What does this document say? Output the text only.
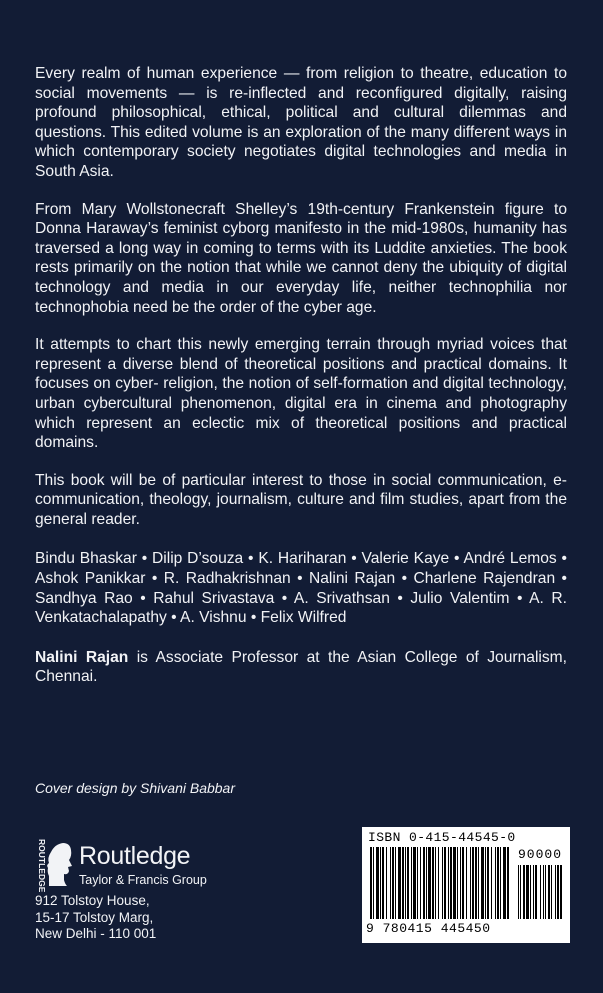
Every realm of human experience — from religion to theatre, education to social movements — is re-inflected and reconfigured digitally, raising profound philosophical, ethical, political and cultural dilemmas and questions. This edited volume is an exploration of the many different ways in which contemporary society negotiates digital technologies and media in South Asia.

From Mary Wollstonecraft Shelley’s 19th-century Frankenstein figure to Donna Haraway’s feminist cyborg manifesto in the mid-1980s, humanity has traversed a long way in coming to terms with its Luddite anxieties. The book rests primarily on the notion that while we cannot deny the ubiquity of digital technology and media in our everyday life, neither technophilia nor technophobia need be the order of the cyber age.

It attempts to chart this newly emerging terrain through myriad voices that represent a diverse blend of theoretical positions and practical domains. It focuses on cyber- religion, the notion of self-formation and digital technology, urban cybercultural phenomenon, digital era in cinema and photography which represent an eclectic mix of theoretical positions and practical domains.

This book will be of particular interest to those in social communication, e-communication, theology, journalism, culture and film studies, apart from the general reader.

Bindu Bhaskar • Dilip D’souza • K. Hariharan • Valerie Kaye • André Lemos • Ashok Panikkar • R. Radhakrishnan • Nalini Rajan • Charlene Rajendran • Sandhya Rao • Rahul Srivastava • A. Srivathsan • Julio Valentim • A. R. Venkatachalapathy • A. Vishnu • Felix Wilfred

Nalini Rajan is Associate Professor at the Asian College of Journalism, Chennai.

Cover design by Shivani Babbar

ROUTLEDGE Routledge
Taylor & Francis Group
912 Tolstoy House,
15-17 Tolstoy Marg,
New Delhi - 110 001
ISBN 0-415-44545-0
90000
9 780415 445450
